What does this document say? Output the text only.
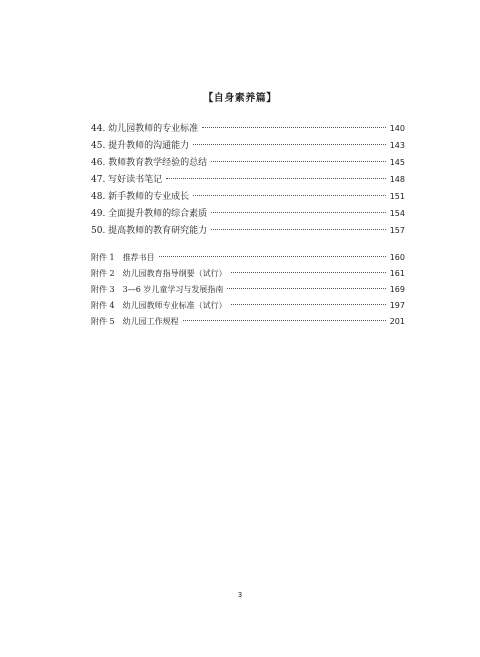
【自身素养篇】
44. 幼儿园教师的专业标准	140
45. 提升教师的沟通能力	143
46. 教师教育教学经验的总结	145
47. 写好读书笔记	148
48. 新手教师的专业成长	151
49. 全面提升教师的综合素质	154
50. 提高教师的教育研究能力	157
附件 1　推荐书目	160
附件 2　幼儿园教育指导纲要（试行）	161
附件 3　3—6 岁儿童学习与发展指南	169
附件 4　幼儿园教师专业标准（试行）	197
附件 5　幼儿园工作规程	201
3
